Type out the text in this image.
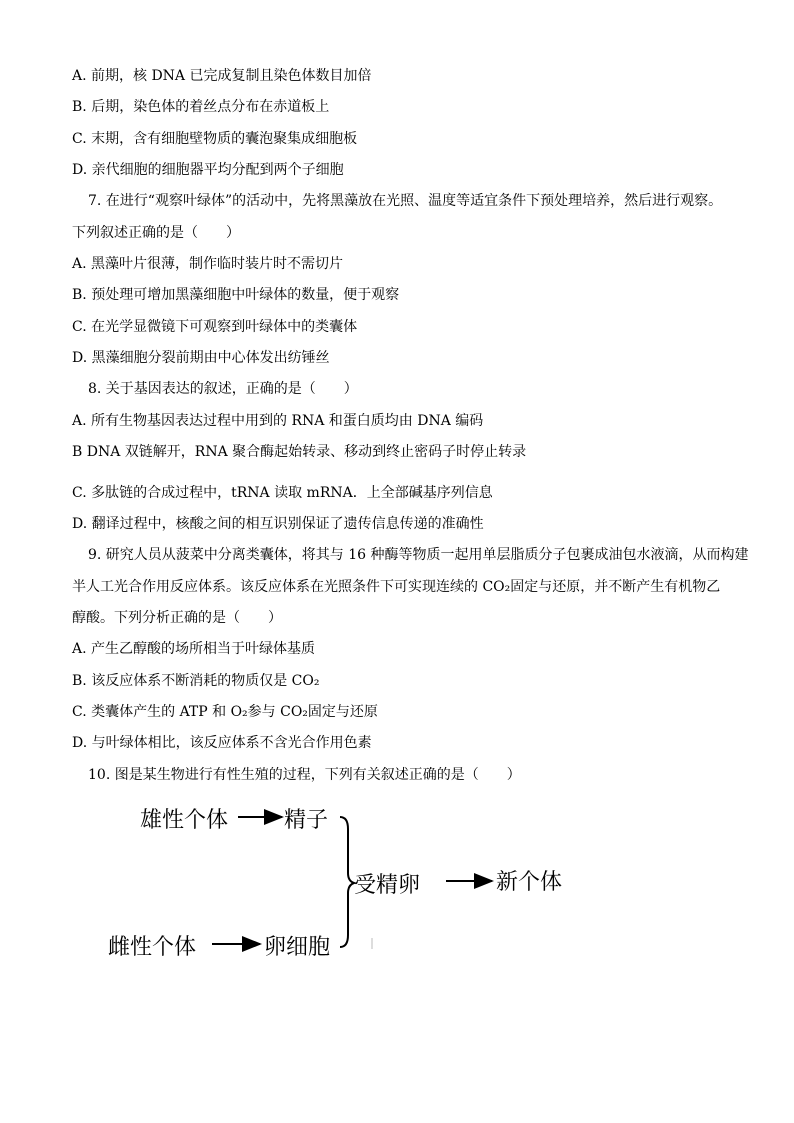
A. 前期，核 DNA 已完成复制且染色体数目加倍
B. 后期，染色体的着丝点分布在赤道板上
C. 末期，含有细胞壁物质的囊泡聚集成细胞板
D. 亲代细胞的细胞器平均分配到两个子细胞
7. 在进行“观察叶绿体”的活动中，先将黑藻放在光照、温度等适宜条件下预处理培养，然后进行观察。
下列叙述正确的是（　　）
A. 黑藻叶片很薄，制作临时装片时不需切片
B. 预处理可增加黑藻细胞中叶绿体的数量，便于观察
C. 在光学显微镜下可观察到叶绿体中的类囊体
D. 黑藻细胞分裂前期由中心体发出纺锤丝
8. 关于基因表达的叙述，正确的是（　　）
A. 所有生物基因表达过程中用到的 RNA 和蛋白质均由 DNA 编码
B DNA 双链解开，RNA 聚合酶起始转录、移动到终止密码子时停止转录
C. 多肽链的合成过程中，tRNA 读取 mRNA．上全部碱基序列信息
D. 翻译过程中，核酸之间的相互识别保证了遗传信息传递的准确性
9. 研究人员从菠菜中分离类囊体，将其与 16 种酶等物质一起用单层脂质分子包裹成油包水液滴，从而构建
半人工光合作用反应体系。该反应体系在光照条件下可实现连续的 CO₂固定与还原，并不断产生有机物乙
醇酸。下列分析正确的是（　　）
A. 产生乙醇酸的场所相当于叶绿体基质
B. 该反应体系不断消耗的物质仅是 CO₂
C. 类囊体产生的 ATP 和 O₂参与 CO₂固定与还原
D. 与叶绿体相比，该反应体系不含光合作用色素
10. 图是某生物进行有性生殖的过程，下列有关叙述正确的是（　　）
雄性个体	精子
雌性个体	卵细胞
受精卵	新个体
